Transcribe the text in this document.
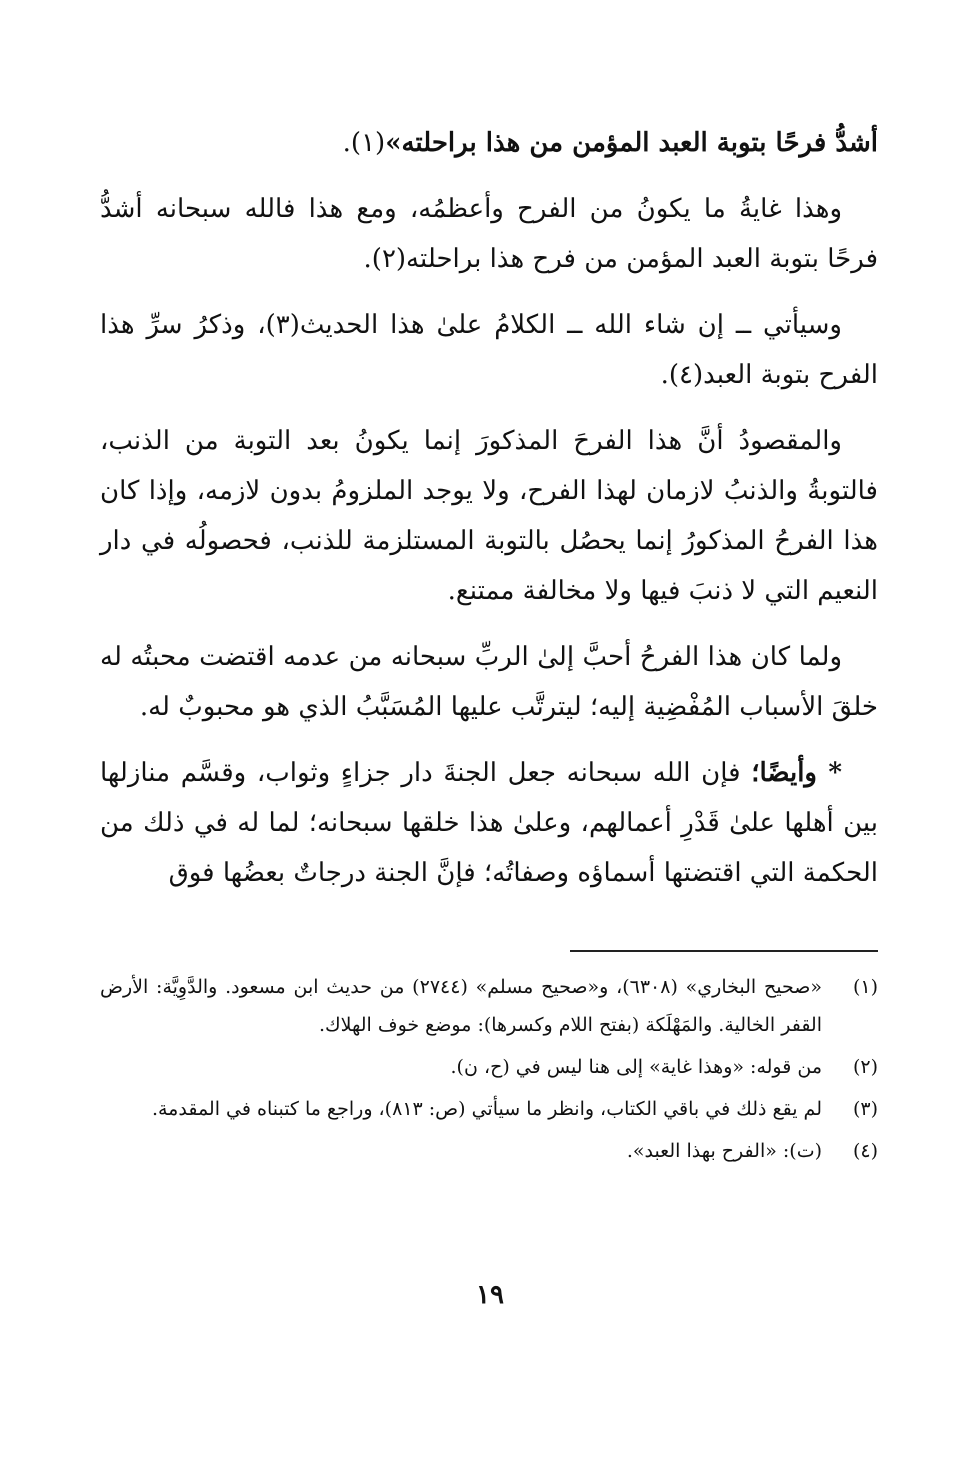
أشدُّ فرحًا بتوبة العبد المؤمن من هذا براحلته»(١).

وهذا غايةُ ما يكونُ من الفرح وأعظمُه، ومع هذا فالله سبحانه أشدُّ فرحًا بتوبة العبد المؤمن من فرح هذا براحلته(٢).

وسيأتي ــ إن شاء الله ــ الكلامُ علىٰ هذا الحديث(٣)، وذكرُ سرِّ هذا الفرح بتوبة العبد(٤).

والمقصودُ أنَّ هذا الفرحَ المذكورَ إنما يكونُ بعد التوبة من الذنب، فالتوبةُ والذنبُ لازمان لهذا الفرح، ولا يوجد الملزومُ بدون لازمه، وإذا كان هذا الفرحُ المذكورُ إنما يحصُل بالتوبة المستلزمة للذنب، فحصولُه في دار النعيم التي لا ذنبَ فيها ولا مخالفة ممتنع.

ولما كان هذا الفرحُ أحبَّ إلىٰ الربِّ سبحانه من عدمه اقتضت محبتُه له خلقَ الأسباب المُفْضِية إليه؛ ليترتَّب عليها المُسَبَّبُ الذي هو محبوبٌ له.

* وأيضًا؛ فإن الله سبحانه جعل الجنةَ دار جزاءٍ وثواب، وقسَّم منازلها بين أهلها علىٰ قَدْرِ أعمالهم، وعلىٰ هذا خلقها سبحانه؛ لما له في ذلك من الحكمة التي اقتضتها أسماؤه وصفاتُه؛ فإنَّ الجنة درجاتٌ بعضُها فوق

(١)
«صحيح البخاري» (٦٣٠٨)، و«صحيح مسلم» (٢٧٤٤) من حديث ابن مسعود. والدَّوِيَّة: الأرض القفر الخالية. والمَهْلَكة (بفتح اللام وكسرها): موضع خوف الهلاك.
(٢)
من قوله: «وهذا غاية» إلى هنا ليس في (ح، ن).
(٣)
لم يقع ذلك في باقي الكتاب، وانظر ما سيأتي (ص: ٨١٣)، وراجع ما كتبناه في المقدمة.
(٤)
(ت): «الفرح بهذا العبد».
١٩
